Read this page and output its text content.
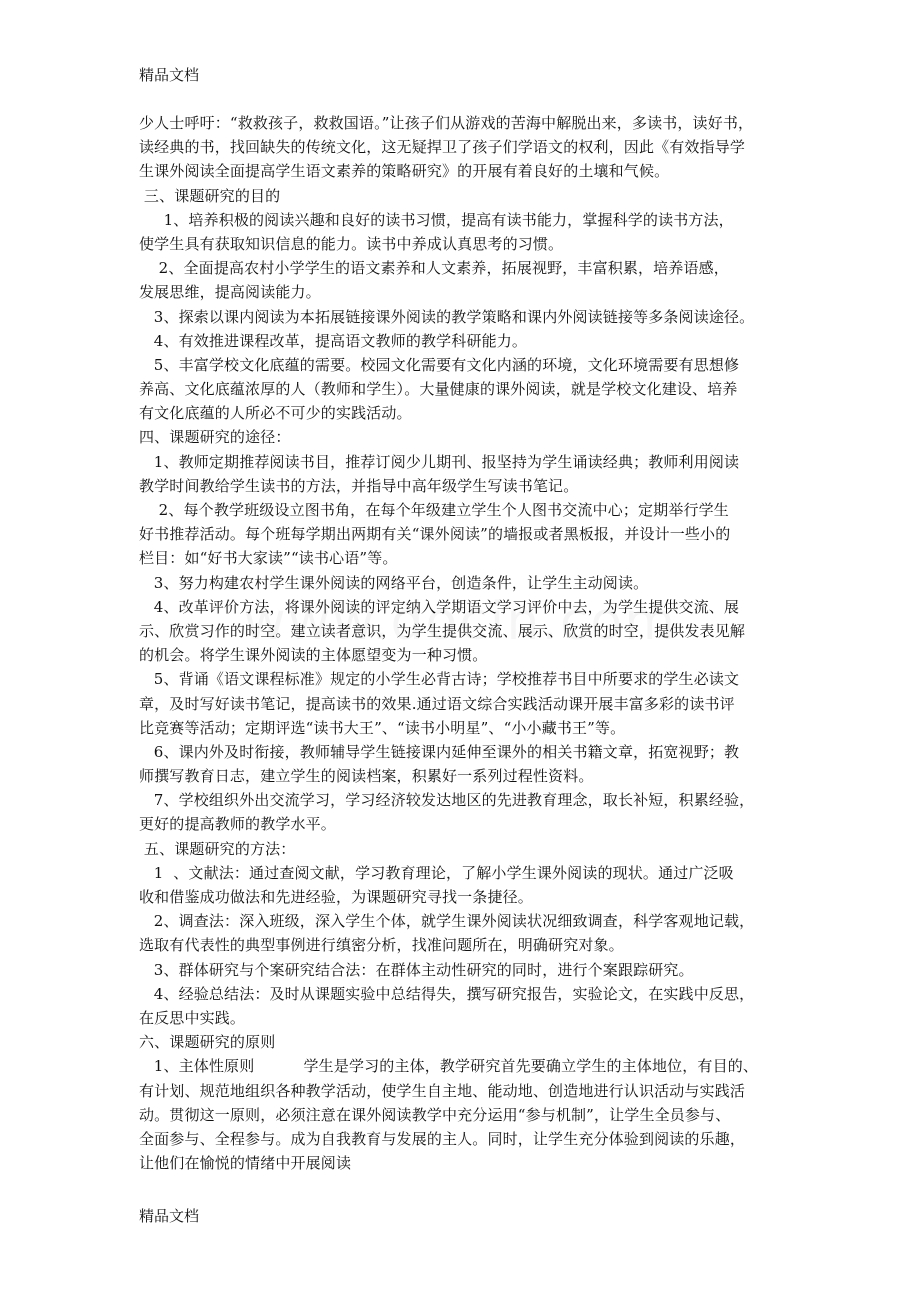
精品文档
少人士呼吁：“救救孩子，救救国语。”让孩子们从游戏的苦海中解脱出来，多读书，读好书，
读经典的书，找回缺失的传统文化，这无疑捍卫了孩子们学语文的权利，因此《有效指导学
生课外阅读全面提高学生语文素养的策略研究》的开展有着良好的土壤和气候。
三、课题研究的目的
1、培养积极的阅读兴趣和良好的读书习惯，提高有读书能力，掌握科学的读书方法，
使学生具有获取知识信息的能力。读书中养成认真思考的习惯。
2、全面提高农村小学学生的语文素养和人文素养，拓展视野，丰富积累，培养语感，
发展思维，提高阅读能力。
3、探索以课内阅读为本拓展链接课外阅读的教学策略和课内外阅读链接等多条阅读途径。
4、有效推进课程改革，提高语文教师的教学科研能力。
5、丰富学校文化底蕴的需要。校园文化需要有文化内涵的环境，文化环境需要有思想修
养高、文化底蕴浓厚的人（教师和学生）。大量健康的课外阅读，就是学校文化建设、培养
有文化底蕴的人所必不可少的实践活动。
四、课题研究的途径：
1、教师定期推荐阅读书目，推荐订阅少儿期刊、报坚持为学生诵读经典；教师利用阅读
教学时间教给学生读书的方法，并指导中高年级学生写读书笔记。
2、每个教学班级设立图书角，在每个年级建立学生个人图书交流中心；定期举行学生
好书推荐活动。每个班每学期出两期有关“课外阅读”的墙报或者黑板报，并设计一些小的
栏目：如“好书大家读”“读书心语”等。
3、努力构建农村学生课外阅读的网络平台，创造条件，让学生主动阅读。
4、改革评价方法，将课外阅读的评定纳入学期语文学习评价中去，为学生提供交流、展
示、欣赏习作的时空。建立读者意识，为学生提供交流、展示、欣赏的时空，提供发表见解
的机会。将学生课外阅读的主体愿望变为一种习惯。
5、背诵《语文课程标准》规定的小学生必背古诗；学校推荐书目中所要求的学生必读文
章，及时写好读书笔记，提高读书的效果.通过语文综合实践活动课开展丰富多彩的读书评
比竞赛等活动；定期评选“读书大王”、“读书小明星”、“小小藏书王”等。
6、课内外及时衔接，教师辅导学生链接课内延伸至课外的相关书籍文章，拓宽视野；教
师撰写教育日志，建立学生的阅读档案，积累好一系列过程性资料。
7、学校组织外出交流学习，学习经济较发达地区的先进教育理念，取长补短，积累经验，
更好的提高教师的教学水平。
五、课题研究的方法：
1  、文献法：通过查阅文献，学习教育理论，了解小学生课外阅读的现状。通过广泛吸
收和借鉴成功做法和先进经验，为课题研究寻找一条捷径。
2、调查法：深入班级，深入学生个体，就学生课外阅读状况细致调查，科学客观地记载，
选取有代表性的典型事例进行缜密分析，找准问题所在，明确研究对象。
3、群体研究与个案研究结合法：在群体主动性研究的同时，进行个案跟踪研究。
4、经验总结法：及时从课题实验中总结得失，撰写研究报告，实验论文，在实践中反思，
在反思中实践。
六、课题研究的原则
1、主体性原则          学生是学习的主体，教学研究首先要确立学生的主体地位，有目的、
有计划、规范地组织各种教学活动，使学生自主地、能动地、创造地进行认识活动与实践活
动。贯彻这一原则，必须注意在课外阅读教学中充分运用“参与机制”，让学生全员参与、
全面参与、全程参与。成为自我教育与发展的主人。同时，让学生充分体验到阅读的乐趣，
让他们在愉悦的情绪中开展阅读
精品文档
